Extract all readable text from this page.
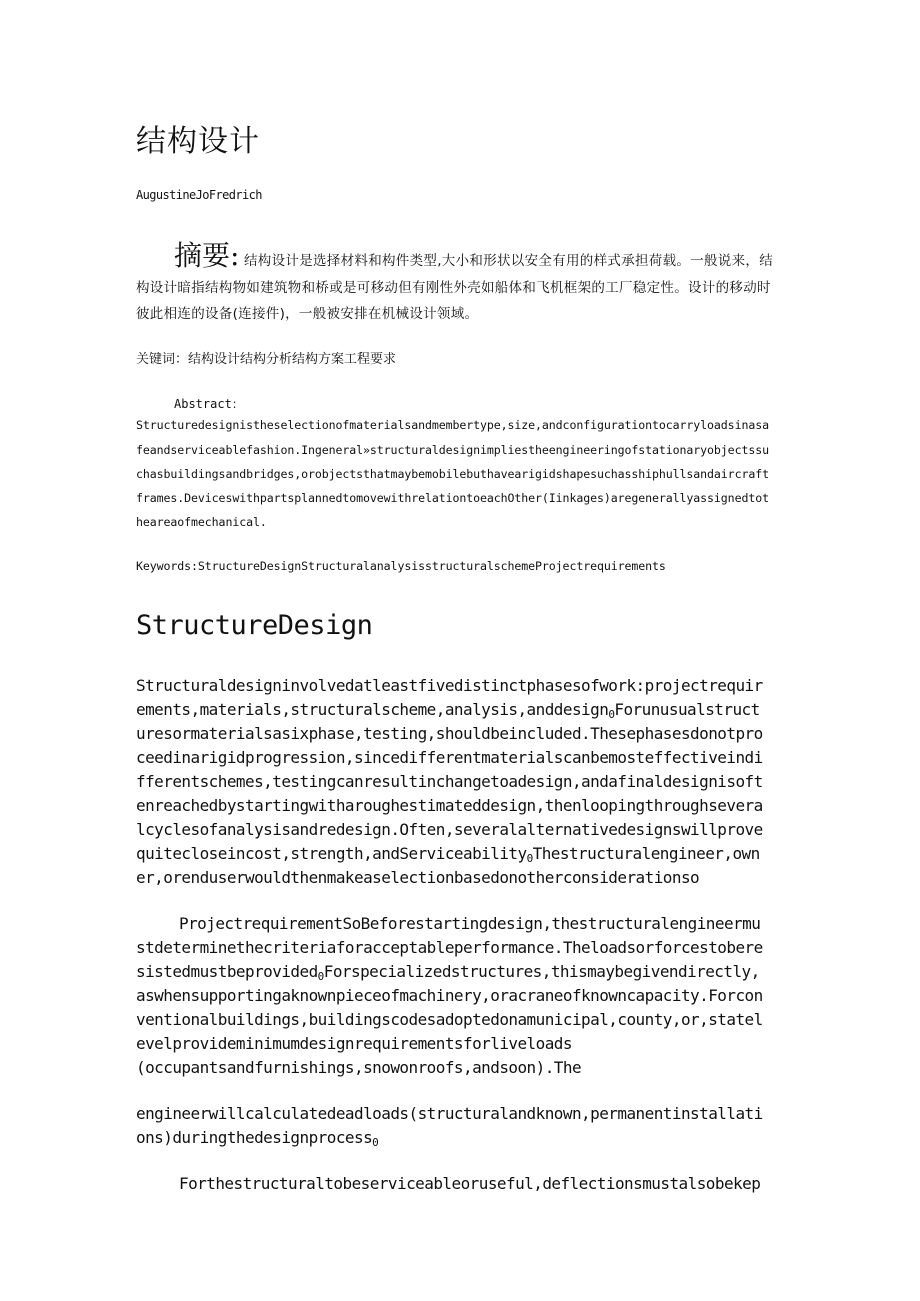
结构设计
AugustineJoFredrich
摘要: 结构设计是选择材料和构件类型,大小和形状以安全有用的样式承担荷载。一般说来，结
构设计暗指结构物如建筑物和桥或是可移动但有刚性外壳如船体和飞机框架的工厂稳定性。设计的移动时
彼此相连的设备(连接件)，一般被安排在机械设计领域。
关键词：结构设计结构分析结构方案工程要求
Abstract：
Structuredesignistheselectionofmaterialsandmembertype,size,andconfigurationtocarryloadsinasa
feandserviceablefashion.Ingeneral»structuraldesignimpliestheengineeringofstationaryobjectssu
chasbuildingsandbridges,orobjectsthatmaybemobilebuthavearigidshapesuchasshiphullsandaircraft
frames.DeviceswithpartsplannedtomovewithrelationtoeachOther(Iinkages)aregenerallyassignedtot
heareaofmechanical.
Keywords:StructureDesignStructuralanalysisstructuralschemeProjectrequirements
StructureDesign
Structuraldesigninvolvedatleastfivedistinctphasesofwork:projectrequir
ements,materials,structuralscheme,analysis,anddesign0Forunusualstruct
uresormaterialsasixphase,testing,shouldbeincluded.Thesephasesdonotpro
ceedinarigidprogression,sincedifferentmaterialscanbemosteffectiveindi
fferentschemes,testingcanresultinchangetoadesign,andafinaldesignisoft
enreachedbystartingwitharoughestimateddesign,thenloopingthroughsevera
lcyclesofanalysisandredesign.Often,severalalternativedesignswillprove
quitecloseincost,strength,andServiceability0Thestructuralengineer,own
er,orenduserwouldthenmakeaselectionbasedonotherconsiderationso
ProjectrequirementSoBeforestartingdesign,thestructuralengineermu
stdeterminethecriteriaforacceptableperformance.Theloadsorforcestobere
sistedmustbeprovided0Forspecializedstructures,thismaybegivendirectly,
aswhensupportingaknownpieceofmachinery,oracraneofknowncapacity.Forcon
ventionalbuildings,buildingscodesadoptedonamunicipal,county,or,statel
evelprovideminimumdesignrequirementsforliveloads
(occupantsandfurnishings,snowonroofs,andsoon).The
engineerwillcalculatedeadloads(structuralandknown,permanentinstallati
ons)duringthedesignprocess0
Forthestructuraltobeserviceableoruseful,deflectionsmustalsobekep
